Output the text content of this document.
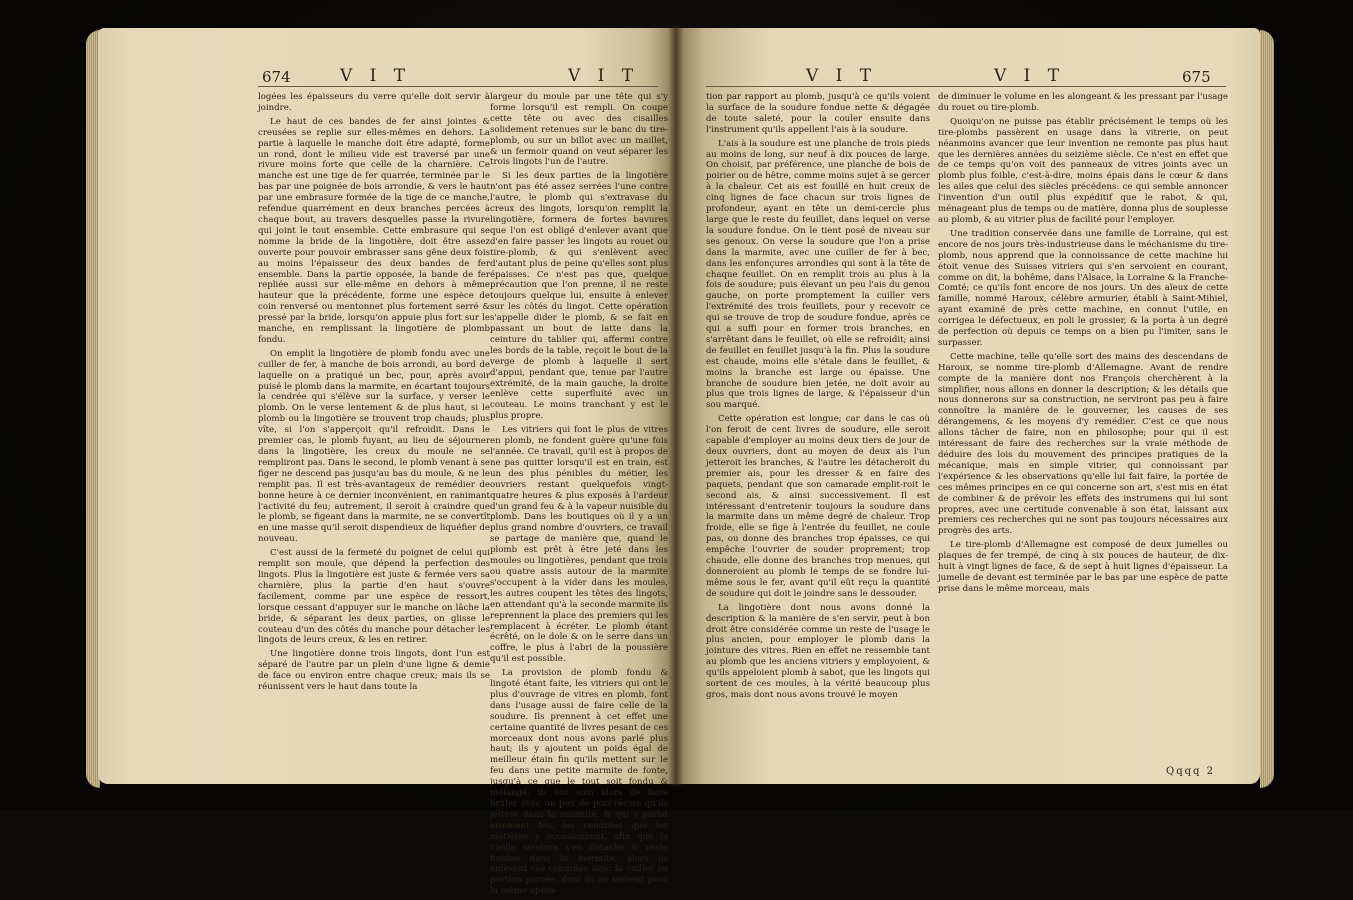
674	V I T	V I T

logées les épaisseurs du verre qu'elle doit servir à joindre.

Le haut de ces bandes de fer ainsi jointes & creusées se replie sur elles-mêmes en dehors. La partie à laquelle le manche doit être adapté, forme un rond, dont le milieu vide est traversé par une rivure moins forte que celle de la charnière. Ce manche est une tige de fer quarrée, terminée par le bas par une poignée de bois arrondie, & vers le haut par une embrasure formée de la tige de ce manche, refendue quarrément en deux branches percées à chaque bout, au travers desquelles passe la rivure qui joint le tout ensemble. Cette embrasure qui se nomme la bride de la lingotière, doit être assez ouverte pour pouvoir embrasser sans gêne deux fois au moins l'épaisseur des deux bandes de fer ensemble. Dans la partie opposée, la bande de fer repliée aussi sur elle-même en dehors à même hauteur que la précédente, forme une espèce de coin renversé ou mentonnet plus fortement serré & pressé par la bride, lorsqu'on appuie plus fort sur le manche, en remplissant la lingotière de plomb fondu.

On emplit la lingotière de plomb fondu avec une cuiller de fer, à manche de bois arrondi, au bord de laquelle on a pratiqué un bec, pour, après avoir puisé le plomb dans la marmite, en écartant toujours la cendrée qui s'élève sur la surface, y verser le plomb. On le verse lentement & de plus haut, si le plomb ou la lingotière se trouvent trop chauds; plus vîte, si l'on s'apperçoit qu'il refroidit. Dans le premier cas, le plomb fuyant, au lieu de séjourner dans la lingotière, les creux du moule ne se rempliront pas. Dans le second, le plomb venant à se figer ne descend pas jusqu'au bas du moule, & ne le remplit pas. Il est très-avantageux de remédier de bonne heure à ce dernier inconvénient, en ranimant l'activité du feu; autrement, il seroit à craindre que le plomb, se figeant dans la marmite, ne se convertît en une masse qu'il seroit dispendieux de liquéfier de nouveau.

C'est aussi de la fermeté du poignet de celui qui remplit son moule, que dépend la perfection des lingots. Plus la lingotière est juste & fermée vers sa charnière, plus la partie d'en haut s'ouvre facilement, comme par une espèce de ressort, lorsque cessant d'appuyer sur le manche on lâche la bride, & séparant les deux parties, on glisse le couteau d'un des côtés du manche pour détacher les lingots de leurs creux, & les en retirer.

Une lingotière donne trois lingots, dont l'un est séparé de l'autre par un plein d'une ligne & demie de face ou environ entre chaque creux; mais ils se réunissent vers le haut dans toute la

largeur du moule par une tête qui s'y forme lorsqu'il est rempli. On coupe cette tête ou avec des cisailles solidement retenues sur le banc du tire-plomb, ou sur un billot avec un maillet, & un fermoir quand on veut séparer les trois lingots l'un de l'autre.

Si les deux parties de la lingotière n'ont pas été assez serrées l'une contre l'autre, le plomb qui s'extravase du creux des lingots, lorsqu'on remplit la lingotière, formera de fortes bavures que l'on est obligé d'enlever avant que d'en faire passer les lingots au rouet ou tire-plomb, & qui s'enlèvent avec d'autant plus de peine qu'elles sont plus épaisses. Ce n'est pas que, quelque précaution que l'on prenne, il ne reste toujours quelque lui, ensuite à enlever sur les côtés du lingot. Cette opération s'appelle dider le plomb, & se fait en passant un bout de latte dans la ceinture du tablier qui, affermi contre les bords de la table, reçoit le bout de la verge de plomb à laquelle il sert d'appui, pendant que, tenue par l'autre extrémité, de la main gauche, la droite enlève cette superfluité avec un couteau. Le moins tranchant y est le plus propre.

Les vitriers qui font le plus de vitres en plomb, ne fondent guère qu'une fois l'année. Ce travail, qu'il est à propos de ne pas quitter lorsqu'il est en train, est un des plus pénibles du métier, les ouvriers restant quelquefois vingt-quatre heures & plus exposés à l'ardeur d'un grand feu & à la vapeur nuisible du plomb. Dans les boutiques où il y a un plus grand nombre d'ouvriers, ce travail se partage de manière que, quand le plomb est prêt à être jeté dans les moules ou lingotières, pendant que trois ou quatre assis autour de la marmite s'occupent à la vider dans les moules, les autres coupent les têtes des lingots, en attendant qu'à la seconde marmite ils reprennent la place des premiers qui les remplacent à écréter. Le plomb étant écrêté, on le dole & on le serre dans un coffre, le plus à l'abri de la poussière qu'il est possible.

La provision de plomb fondu & lingoté étant faite, les vitriers qui ont le plus d'ouvrage de vitres en plomb, font dans l'usage aussi de faire celle de la soudure. Ils prennent à cet effet une certaine quantité de livres pesant de ces morceaux dont nous avons parlé plus haut; ils y ajoutent un poids égal de meilleur étain fin qu'ils mettent sur le feu dans une petite marmite de fonte, jusqu'à ce que le tout soit fondu & mélangé; ils ont soin alors de faire brûler avec un peu de poix-résine qu'ils jettent dans la marmite, & qui y prend aisément feu, les cendrées que les matières y occasionnent, afin que la vieille soudure s'en détache & reste fondue dans la marmite; alors ils enlèvent ces cendrées avec la cuiller ou portion parcée, dont ils se servent pour la même opéra-

V I T	V I T	675

tion par rapport au plomb, jusqu'à ce qu'ils voient la surface de la soudure fondue nette & dégagée de toute saleté, pour la couler ensuite dans l'instrument qu'ils appellent l'ais à la soudure.

L'ais à la soudure est une planche de trois pieds au moins de long, sur neuf à dix pouces de large. On choisit, par préférence, une planche de bois de poirier ou de hêtre, comme moins sujet à se gercer à la chaleur. Cet ais est fouillé en huit creux de cinq lignes de face chacun sur trois lignes de profondeur, ayant en tête un demi-cercle plus large que le reste du feuillet, dans lequel on verse la soudure fondue. On le tient posé de niveau sur ses genoux. On verse la soudure que l'on a prise dans la marmite, avec une cuiller de fer à bec, dans les enfonçures arrondies qui sont à la tête de chaque feuillet. On en remplit trois au plus à la fois de soudure; puis élevant un peu l'ais du genou gauche, on porte promptement la cuiller vers l'extrémité des trois feuillets, pour y recevoir ce qui se trouve de trop de soudure fondue, après ce qui a suffi pour en former trois branches, en s'arrêtant dans le feuillet, où elle se refroidit; ainsi de feuillet en feuillet jusqu'à la fin. Plus la soudure est chaude, moins elle s'étale dans le feuillet, & moins la branche est large ou épaisse. Une branche de soudure bien jetée, ne doit avoir au plus que trois lignes de large, & l'épaisseur d'un sou marqué.

Cette opération est longue; car dans le cas où l'on feroit de cent livres de soudure, elle seroit capable d'employer au moins deux tiers de jour de deux ouvriers, dont au moyen de deux ais l'un jetteroit les branches, & l'autre les détacheroit du premier ais, pour les dresser & en faire des paquets, pendant que son camarade emplit-roit le second ais, & ainsi successivement. Il est intéressant d'entretenir toujours la soudure dans la marmite dans un même degré de chaleur. Trop froide, elle se fige à l'entrée du feuillet, ne coule pas, ou donne des branches trop épaisses, ce qui empêche l'ouvrier de souder proprement; trop chaude, elle donne des branches trop menues, qui donneroient au plomb le temps de se fondre lui-même sous le fer, avant qu'il eût reçu la quantité de soudure qui doit le joindre sans le dessouder.

La lingotière dont nous avons donné la description & la manière de s'en servir, peut à bon droit être considérée comme un reste de l'usage le plus ancien, pour employer le plomb dans la jointure des vitres. Rien en effet ne ressemble tant au plomb que les anciens vitriers y employoient, & qu'ils appeloient plomb à sabot, que les lingots qui sortent de ces moules, à la vérité beaucoup plus gros, mais dont nous avons trouvé le moyen

de diminuer le volume en les alongeant & les pressant par l'usage du rouet ou tire-plomb.

Quoiqu'on ne puisse pas établir précisément le temps où les tire-plombs passèrent en usage dans la vitrerie, on peut néanmoins avancer que leur invention ne remonte pas plus haut que les dernières années du seizième siècle. Ce n'est en effet que de ce temps qu'on voit des panneaux de vitres joints avec un plomb plus foible, c'est-à-dire, moins épais dans le cœur & dans les ailes que celui des siècles précédens: ce qui semble annoncer l'invention d'un outil plus expéditif que le rabot, & qui, ménageant plus de temps ou de matière, donna plus de souplesse au plomb, & au vitrier plus de facilité pour l'employer.

Une tradition conservée dans une famille de Lorraine, qui est encore de nos jours très-industrieuse dans le méchanisme du tire-plomb, nous apprend que la connoissance de cette machine lui étoit venue des Suisses vitriers qui s'en servoient en courant, comme on dit, la bohême, dans l'Alsace, la Lorraine & la Franche-Comté; ce qu'ils font encore de nos jours. Un des aïeux de cette famille, nommé Haroux, célèbre armurier, établi à Saint-Mihiel, ayant examiné de près cette machine, en connut l'utile, en corrigea le défectueux, en poli le grossier, & la porta à un degré de perfection où depuis ce temps on a bien pu l'imiter, sans le surpasser.

Cette machine, telle qu'elle sort des mains des descendans de Haroux, se nomme tire-plomb d'Allemagne. Avant de rendre compte de la manière dont nos François cherchèrent à la simplifier, nous allons en donner la description; & les détails que nous donnerons sur sa construction, ne serviront pas peu à faire connoître la manière de le gouverner, les causes de ses dérangemens, & les moyens d'y remédier. C'est ce que nous allons tâcher de faire, non en philosophe; pour qui il est intéressant de faire des recherches sur la vraie méthode de déduire des lois du mouvement des principes pratiques de la mécanique, mais en simple vitrier, qui connoissant par l'expérience & les observations qu'elle lui fait faire, la portée de ces mêmes principes en ce qui concerne son art, s'est mis en état de combiner & de prévoir les effets des instrumens qui lui sont propres, avec une certitude convenable à son état, laissant aux premiers ces recherches qui ne sont pas toujours nécessaires aux progrès des arts.

Le tire-plomb d'Allemagne est composé de deux jumelles ou plaques de fer trempé, de cinq à six pouces de hauteur, de dix-huit à vingt lignes de face, & de sept à huit lignes d'épaisseur. La jumelle de devant est terminée par le bas par une espèce de patte prise dans le même morceau, mais

Qqqq 2
